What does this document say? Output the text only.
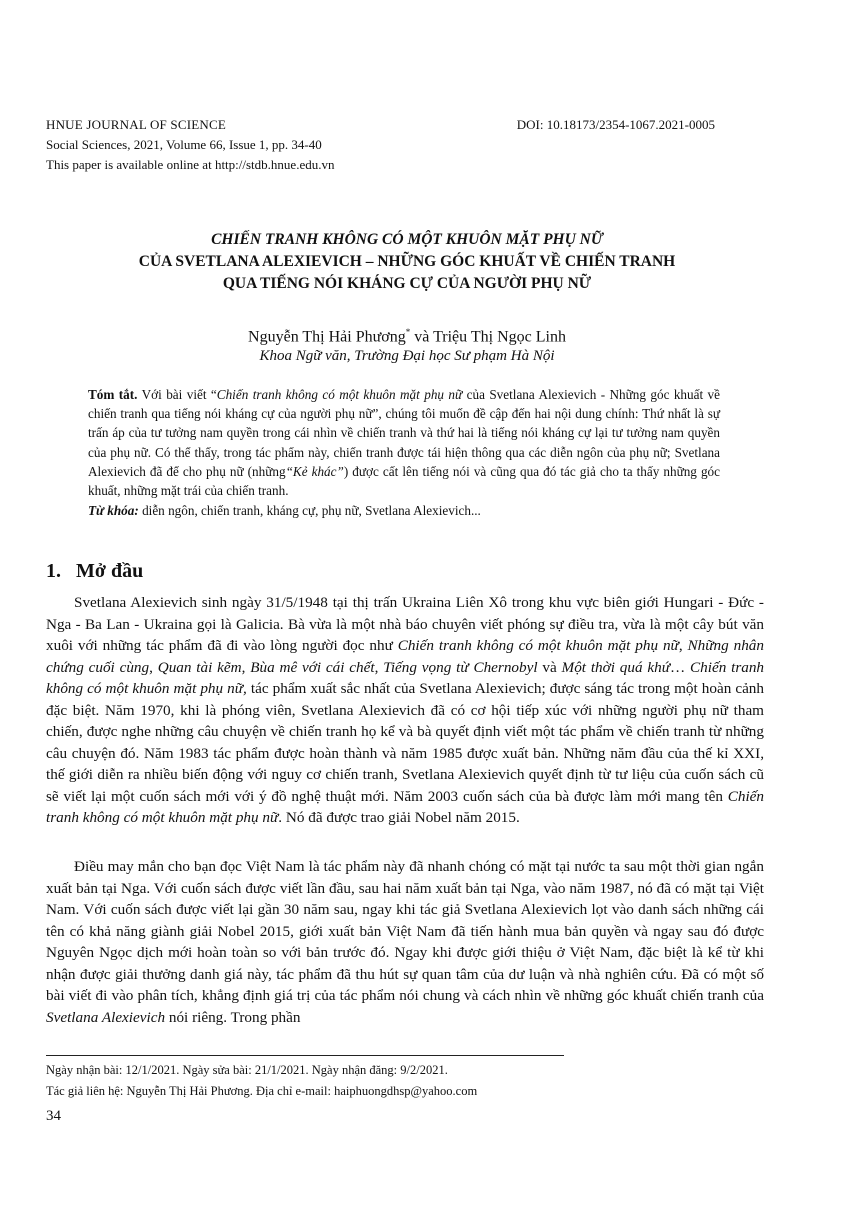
HNUE JOURNAL OF SCIENCE	DOI: 10.18173/2354-1067.2021-0005
Social Sciences, 2021, Volume 66, Issue 1, pp. 34-40
This paper is available online at http://stdb.hnue.edu.vn
CHIẾN TRANH KHÔNG CÓ MỘT KHUÔN MẶT PHỤ NỮ
CỦA SVETLANA ALEXIEVICH – NHỮNG GÓC KHUẤT VỀ CHIẾN TRANH
QUA TIẾNG NÓI KHÁNG CỰ CỦA NGƯỜI PHỤ NỮ
Nguyễn Thị Hải Phương* và Triệu Thị Ngọc Linh
Khoa Ngữ văn, Trường Đại học Sư phạm Hà Nội

Tóm tắt. Với bài viết “Chiến tranh không có một khuôn mặt phụ nữ của Svetlana Alexievich - Những góc khuất về chiến tranh qua tiếng nói kháng cự của người phụ nữ”, chúng tôi muốn đề cập đến hai nội dung chính: Thứ nhất là sự trấn áp của tư tưởng nam quyền trong cái nhìn về chiến tranh và thứ hai là tiếng nói kháng cự lại tư tưởng nam quyền của phụ nữ. Có thể thấy, trong tác phẩm này, chiến tranh được tái hiện thông qua các diễn ngôn của phụ nữ; Svetlana Alexievich đã để cho phụ nữ (những“Kẻ khác”) được cất lên tiếng nói và cũng qua đó tác giả cho ta thấy những góc khuất, những mặt trái của chiến tranh.

Từ khóa: diễn ngôn, chiến tranh, kháng cự, phụ nữ, Svetlana Alexievich...

1. Mở đầu

Svetlana Alexievich sinh ngày 31/5/1948 tại thị trấn Ukraina Liên Xô trong khu vực biên giới Hungari - Đức - Nga - Ba Lan - Ukraina gọi là Galicia. Bà vừa là một nhà báo chuyên viết phóng sự điều tra, vừa là một cây bút văn xuôi với những tác phẩm đã đi vào lòng người đọc như Chiến tranh không có một khuôn mặt phụ nữ, Những nhân chứng cuối cùng, Quan tài kẽm, Bùa mê với cái chết, Tiếng vọng từ Chernobyl và Một thời quá khứ… Chiến tranh không có một khuôn mặt phụ nữ, tác phẩm xuất sắc nhất của Svetlana Alexievich; được sáng tác trong một hoàn cảnh đặc biệt. Năm 1970, khi là phóng viên, Svetlana Alexievich đã có cơ hội tiếp xúc với những người phụ nữ tham chiến, được nghe những câu chuyện về chiến tranh họ kể và bà quyết định viết một tác phẩm về chiến tranh từ những câu chuyện đó. Năm 1983 tác phẩm được hoàn thành và năm 1985 được xuất bản. Những năm đầu của thế kỉ XXI, thế giới diễn ra nhiều biến động với nguy cơ chiến tranh, Svetlana Alexievich quyết định từ tư liệu của cuốn sách cũ sẽ viết lại một cuốn sách mới với ý đồ nghệ thuật mới. Năm 2003 cuốn sách của bà được làm mới mang tên Chiến tranh không có một khuôn mặt phụ nữ. Nó đã được trao giải Nobel năm 2015.

Điều may mắn cho bạn đọc Việt Nam là tác phẩm này đã nhanh chóng có mặt tại nước ta sau một thời gian ngắn xuất bản tại Nga. Với cuốn sách được viết lần đầu, sau hai năm xuất bản tại Nga, vào năm 1987, nó đã có mặt tại Việt Nam. Với cuốn sách được viết lại gần 30 năm sau, ngay khi tác giả Svetlana Alexievich lọt vào danh sách những cái tên có khả năng giành giải Nobel 2015, giới xuất bản Việt Nam đã tiến hành mua bản quyền và ngay sau đó được Nguyên Ngọc dịch mới hoàn toàn so với bản trước đó. Ngay khi được giới thiệu ở Việt Nam, đặc biệt là kể từ khi nhận được giải thưởng danh giá này, tác phẩm đã thu hút sự quan tâm của dư luận và nhà nghiên cứu. Đã có một số bài viết đi vào phân tích, khẳng định giá trị của tác phẩm nói chung và cách nhìn về những góc khuất chiến tranh của Svetlana Alexievich nói riêng. Trong phần

Ngày nhận bài: 12/1/2021. Ngày sửa bài: 21/1/2021. Ngày nhận đăng: 9/2/2021.
Tác giả liên hệ: Nguyễn Thị Hải Phương. Địa chỉ e-mail: haiphuongdhsp@yahoo.com
34
